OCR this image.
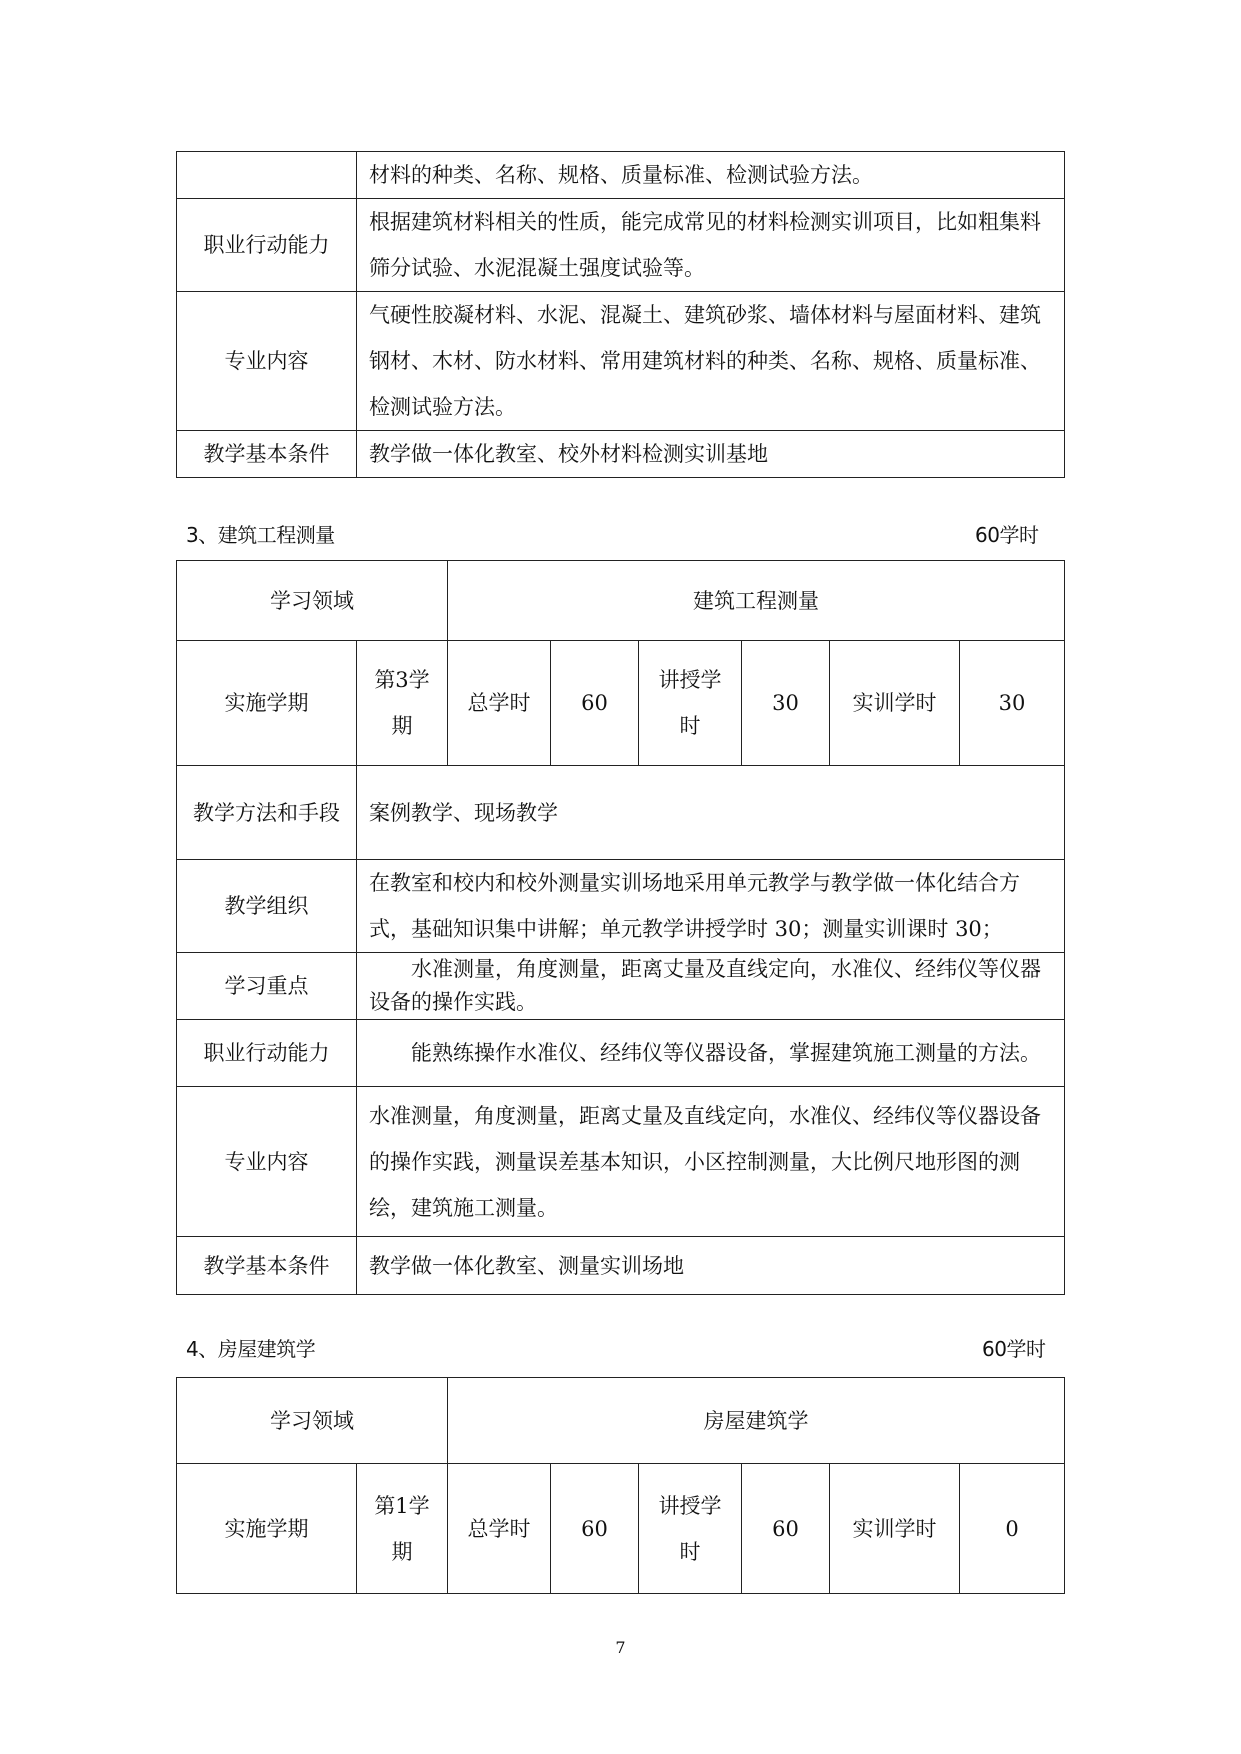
	材料的种类、名称、规格、质量标准、检测试验方法。
职业行动能力	根据建筑材料相关的性质，能完成常见的材料检测实训项目，比如粗集料筛分试验、水泥混凝土强度试验等。
专业内容	气硬性胶凝材料、水泥、混凝土、建筑砂浆、墙体材料与屋面材料、建筑钢材、木材、防水材料、常用建筑材料的种类、名称、规格、质量标准、检测试验方法。
教学基本条件	教学做一体化教室、校外材料检测实训基地
3、建筑工程测量	60学时
学习领域		建筑工程测量					
实施学期	第3学期	总学时	60	讲授学时	30	实训学时	30
教学方法和手段	案例教学、现场教学						
教学组织	在教室和校内和校外测量实训场地采用单元教学与教学做一体化结合方式，基础知识集中讲解；单元教学讲授学时 30；测量实训课时 30；						
学习重点	水准测量，角度测量，距离丈量及直线定向，水准仪、经纬仪等仪器设备的操作实践。						
职业行动能力	能熟练操作水准仪、经纬仪等仪器设备，掌握建筑施工测量的方法。						
专业内容	水准测量，角度测量，距离丈量及直线定向，水准仪、经纬仪等仪器设备的操作实践，测量误差基本知识，小区控制测量，大比例尺地形图的测绘，建筑施工测量。						
教学基本条件	教学做一体化教室、测量实训场地						
4、房屋建筑学	60学时
学习领域		房屋建筑学					
实施学期	第1学期	总学时	60	讲授学时	60	实训学时	0
7
